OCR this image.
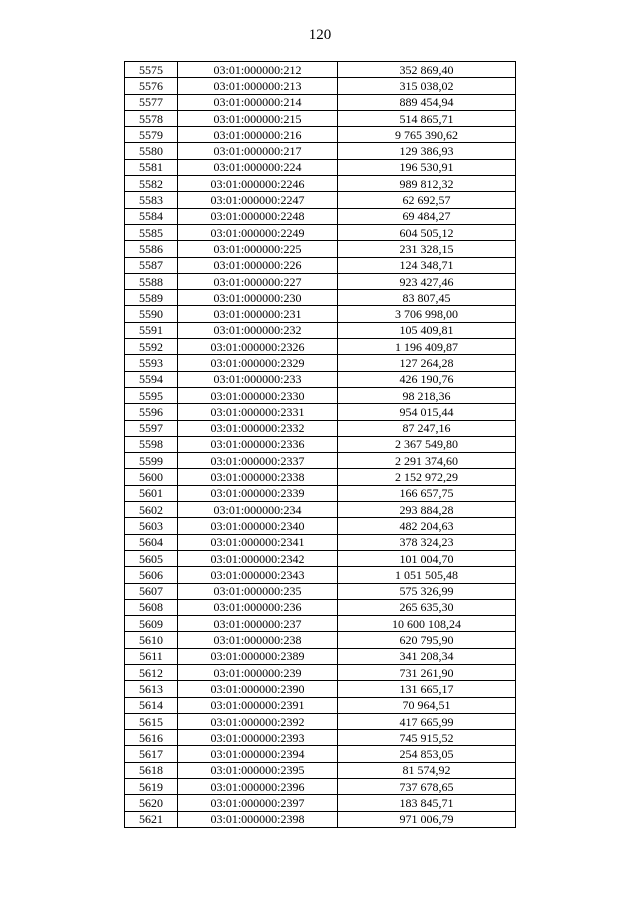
120
5575	03:01:000000:212	352 869,40
5576	03:01:000000:213	315 038,02
5577	03:01:000000:214	889 454,94
5578	03:01:000000:215	514 865,71
5579	03:01:000000:216	9 765 390,62
5580	03:01:000000:217	129 386,93
5581	03:01:000000:224	196 530,91
5582	03:01:000000:2246	989 812,32
5583	03:01:000000:2247	62 692,57
5584	03:01:000000:2248	69 484,27
5585	03:01:000000:2249	604 505,12
5586	03:01:000000:225	231 328,15
5587	03:01:000000:226	124 348,71
5588	03:01:000000:227	923 427,46
5589	03:01:000000:230	83 807,45
5590	03:01:000000:231	3 706 998,00
5591	03:01:000000:232	105 409,81
5592	03:01:000000:2326	1 196 409,87
5593	03:01:000000:2329	127 264,28
5594	03:01:000000:233	426 190,76
5595	03:01:000000:2330	98 218,36
5596	03:01:000000:2331	954 015,44
5597	03:01:000000:2332	87 247,16
5598	03:01:000000:2336	2 367 549,80
5599	03:01:000000:2337	2 291 374,60
5600	03:01:000000:2338	2 152 972,29
5601	03:01:000000:2339	166 657,75
5602	03:01:000000:234	293 884,28
5603	03:01:000000:2340	482 204,63
5604	03:01:000000:2341	378 324,23
5605	03:01:000000:2342	101 004,70
5606	03:01:000000:2343	1 051 505,48
5607	03:01:000000:235	575 326,99
5608	03:01:000000:236	265 635,30
5609	03:01:000000:237	10 600 108,24
5610	03:01:000000:238	620 795,90
5611	03:01:000000:2389	341 208,34
5612	03:01:000000:239	731 261,90
5613	03:01:000000:2390	131 665,17
5614	03:01:000000:2391	70 964,51
5615	03:01:000000:2392	417 665,99
5616	03:01:000000:2393	745 915,52
5617	03:01:000000:2394	254 853,05
5618	03:01:000000:2395	81 574,92
5619	03:01:000000:2396	737 678,65
5620	03:01:000000:2397	183 845,71
5621	03:01:000000:2398	971 006,79
